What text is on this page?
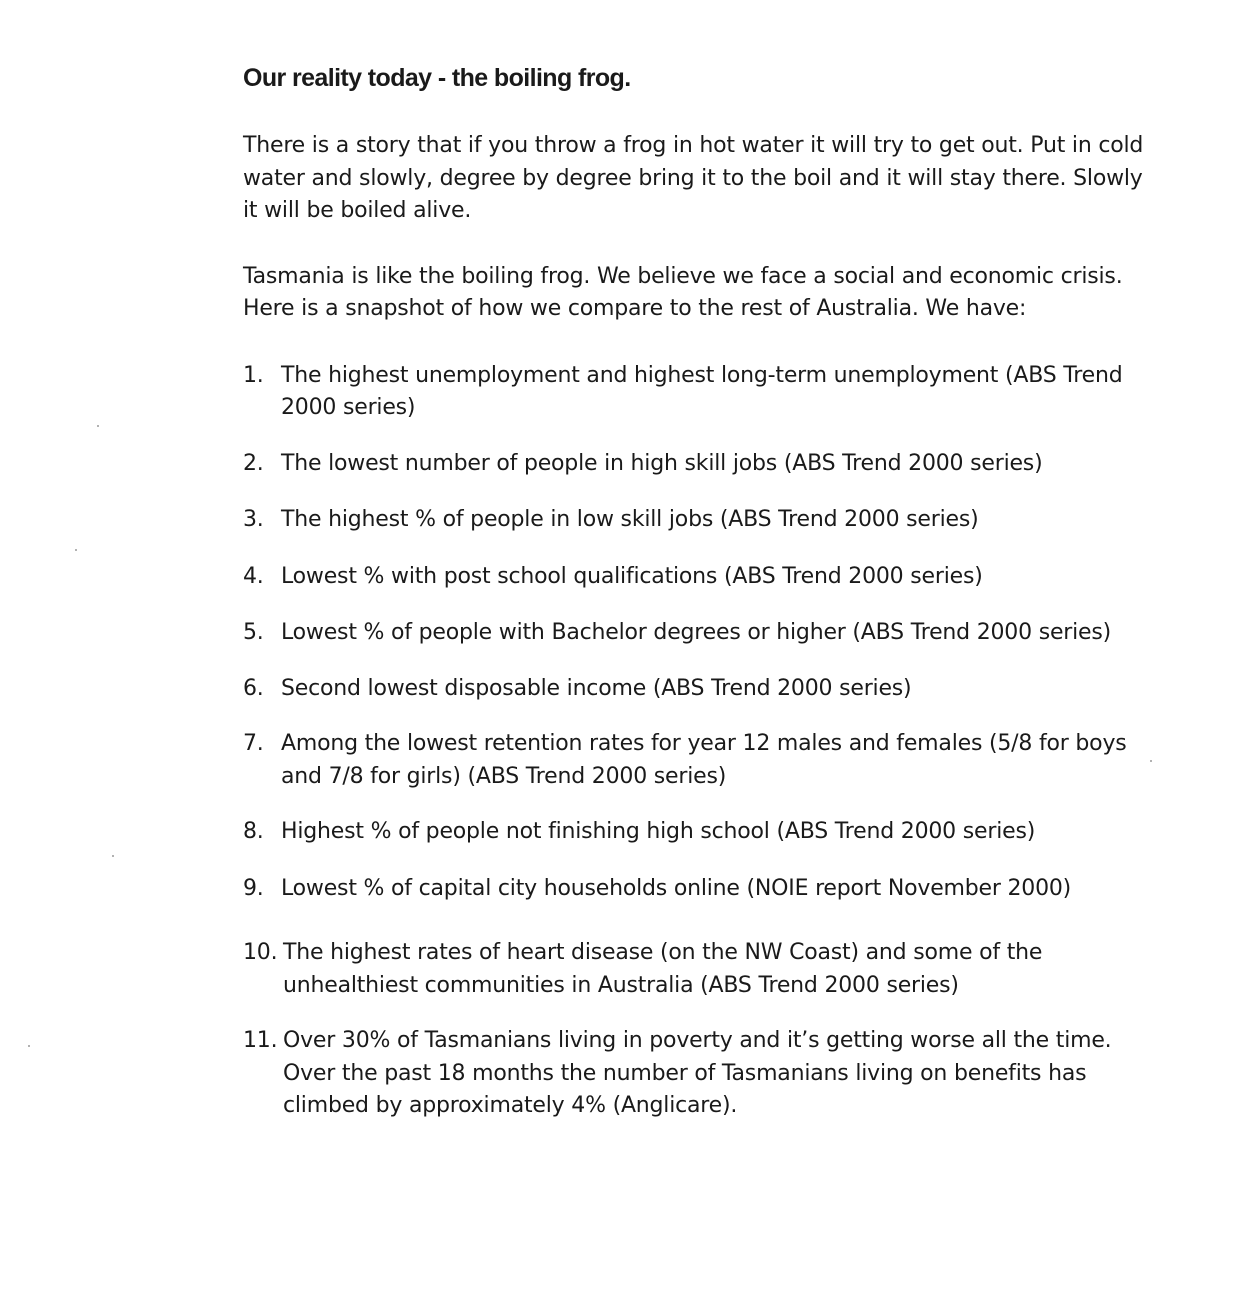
Our reality today - the boiling frog.

There is a story that if you throw a frog in hot water it will try to get out. Put in cold water and slowly, degree by degree bring it to the boil and it will stay there. Slowly it will be boiled alive.

Tasmania is like the boiling frog. We believe we face a social and economic crisis. Here is a snapshot of how we compare to the rest of Australia. We have:

1. The highest unemployment and highest long-term unemployment (ABS Trend 2000 series)
2. The lowest number of people in high skill jobs (ABS Trend 2000 series)
3. The highest % of people in low skill jobs (ABS Trend 2000 series)
4. Lowest % with post school qualifications (ABS Trend 2000 series)
5. Lowest % of people with Bachelor degrees or higher (ABS Trend 2000 series)
6. Second lowest disposable income (ABS Trend 2000 series)
7. Among the lowest retention rates for year 12 males and females (5/8 for boys and 7/8 for girls) (ABS Trend 2000 series)
8. Highest % of people not finishing high school (ABS Trend 2000 series)
9. Lowest % of capital city households online (NOIE report November 2000)
10. The highest rates of heart disease (on the NW Coast) and some of the unhealthiest communities in Australia (ABS Trend 2000 series)
11. Over 30% of Tasmanians living in poverty and it’s getting worse all the time. Over the past 18 months the number of Tasmanians living on benefits has climbed by approximately 4% (Anglicare).
